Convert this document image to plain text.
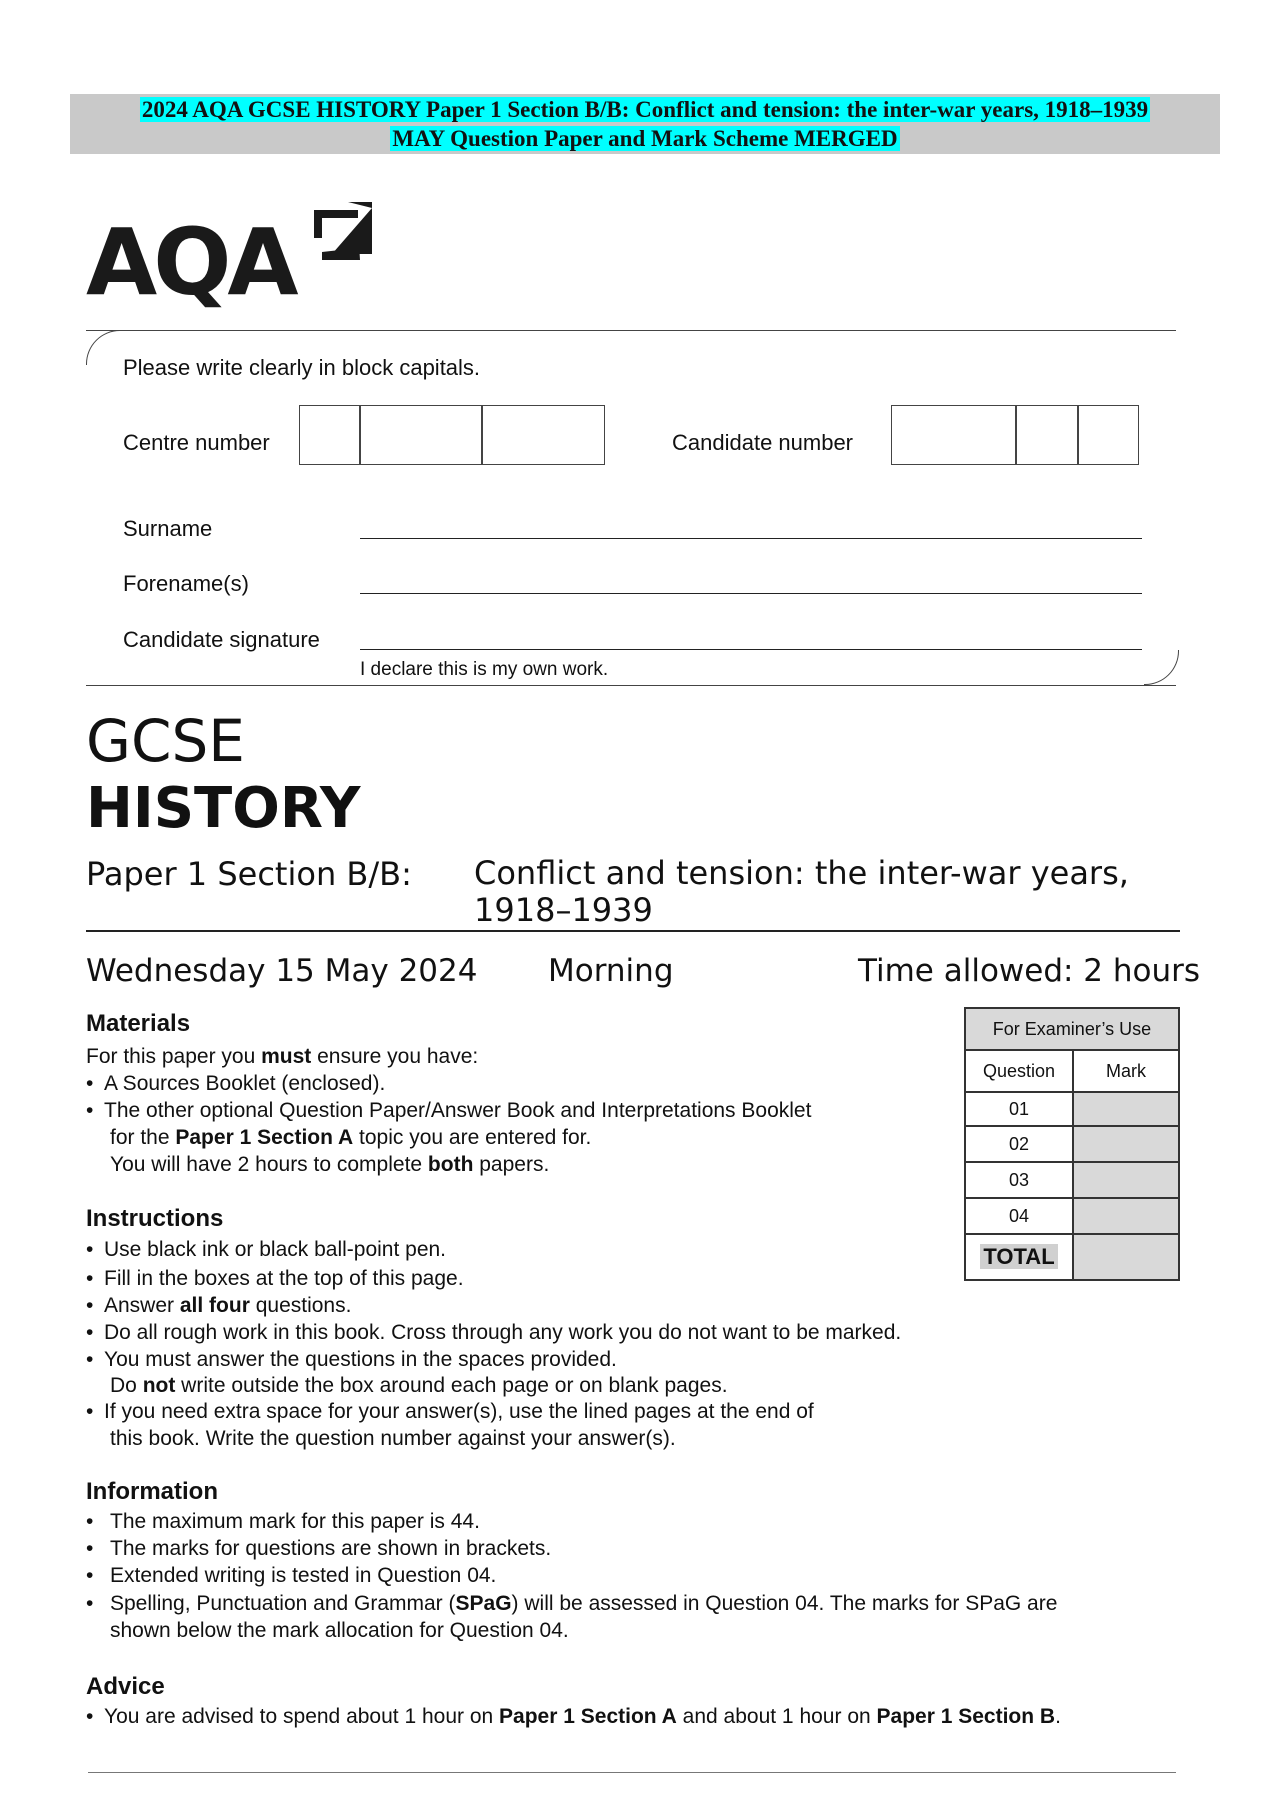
2024 AQA GCSE HISTORY Paper 1 Section B/B: Conflict and tension: the inter-war years, 1918–1939
MAY Question Paper and Mark Scheme MERGED
AQA
Please write clearly in block capitals.
Centre number	Candidate number
Surname
Forename(s)
Candidate signature
I declare this is my own work.
GCSE
HISTORY
Paper 1 Section B/B: Conflict and tension: the inter-war years,
1918–1939
Wednesday 15 May 2024 Morning	Time allowed: 2 hours
Materials
For this paper you must ensure you have:
• A Sources Booklet (enclosed).
• The other optional Question Paper/Answer Book and Interpretations Booklet
for the Paper 1 Section A topic you are entered for.
You will have 2 hours to complete both papers.
Instructions
• Use black ink or black ball-point pen.
• Fill in the boxes at the top of this page.
• Answer all four questions.
• Do all rough work in this book. Cross through any work you do not want to be marked.
• You must answer the questions in the spaces provided.
Do not write outside the box around each page or on blank pages.
• If you need extra space for your answer(s), use the lined pages at the end of
this book. Write the question number against your answer(s).
Information
• The maximum mark for this paper is 44.
• The marks for questions are shown in brackets.
• Extended writing is tested in Question 04.
• Spelling, Punctuation and Grammar (SPaG) will be assessed in Question 04. The marks for SPaG are
shown below the mark allocation for Question 04.
Advice
• You are advised to spend about 1 hour on Paper 1 Section A and about 1 hour on Paper 1 Section B.
For Examiner’s Use	
Question	Mark
01	
02	
03	
04	
TOTAL	
